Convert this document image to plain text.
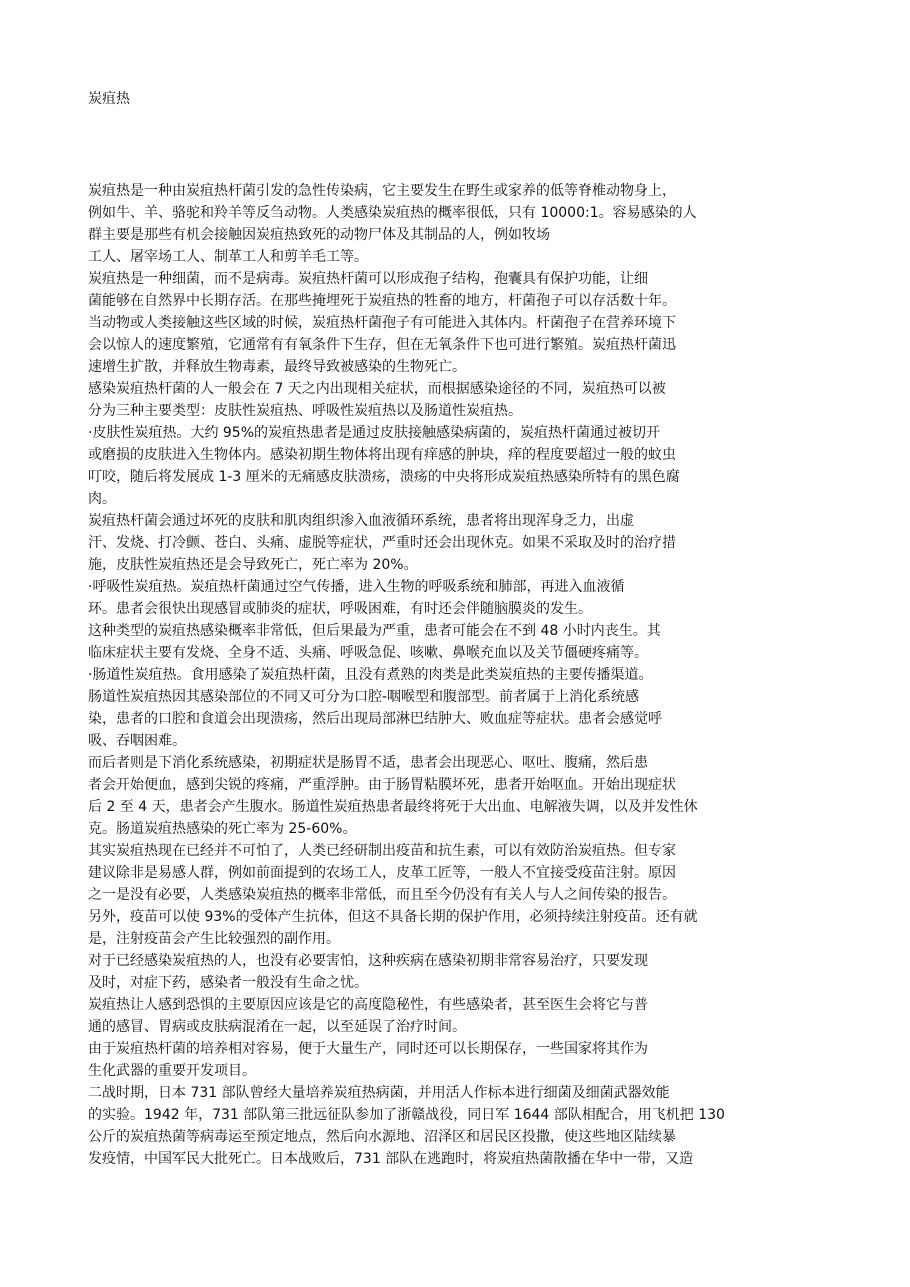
炭疽热
炭疽热是一种由炭疽热杆菌引发的急性传染病，它主要发生在野生或家养的低等脊椎动物身上，
例如牛、羊、骆驼和羚羊等反刍动物。人类感染炭疽热的概率很低，只有 10000:1。容易感染的人
群主要是那些有机会接触因炭疽热致死的动物尸体及其制品的人，例如牧场
工人、屠宰场工人、制革工人和剪羊毛工等。
炭疽热是一种细菌，而不是病毒。炭疽热杆菌可以形成孢子结构，孢囊具有保护功能，让细
菌能够在自然界中长期存活。在那些掩埋死于炭疽热的牲畜的地方，杆菌孢子可以存活数十年。
当动物或人类接触这些区域的时候，炭疽热杆菌孢子有可能进入其体内。杆菌孢子在营养环境下
会以惊人的速度繁殖，它通常有有氧条件下生存，但在无氧条件下也可进行繁殖。炭疽热杆菌迅
速增生扩散，并释放生物毒素，最终导致被感染的生物死亡。
感染炭疽热杆菌的人一般会在 7 天之内出现相关症状，而根据感染途径的不同，炭疽热可以被
分为三种主要类型：皮肤性炭疽热、呼吸性炭疽热以及肠道性炭疽热。
·皮肤性炭疽热。大约 95%的炭疽热患者是通过皮肤接触感染病菌的，炭疽热杆菌通过被切开
或磨损的皮肤进入生物体内。感染初期生物体将出现有痒感的肿块，痒的程度要超过一般的蚊虫
叮咬，随后将发展成 1-3 厘米的无痛感皮肤溃疡，溃疡的中央将形成炭疽热感染所特有的黑色腐
肉。
炭疽热杆菌会通过坏死的皮肤和肌肉组织渗入血液循环系统，患者将出现浑身乏力，出虚
汗、发烧、打冷颤、苍白、头痛、虚脱等症状，严重时还会出现休克。如果不采取及时的治疗措
施，皮肤性炭疽热还是会导致死亡，死亡率为 20%。
·呼吸性炭疽热。炭疽热杆菌通过空气传播，进入生物的呼吸系统和肺部，再进入血液循
环。患者会很快出现感冒或肺炎的症状，呼吸困难，有时还会伴随脑膜炎的发生。
这种类型的炭疽热感染概率非常低，但后果最为严重，患者可能会在不到 48 小时内丧生。其
临床症状主要有发烧、全身不适、头痛、呼吸急促、咳嗽、鼻喉充血以及关节僵硬疼痛等。
·肠道性炭疽热。食用感染了炭疽热杆菌，且没有煮熟的肉类是此类炭疽热的主要传播渠道。
肠道性炭疽热因其感染部位的不同又可分为口腔-咽喉型和腹部型。前者属于上消化系统感
染，患者的口腔和食道会出现溃疡，然后出现局部淋巴结肿大、败血症等症状。患者会感觉呼
吸、吞咽困难。
而后者则是下消化系统感染，初期症状是肠胃不适，患者会出现恶心、呕吐、腹痛，然后患
者会开始便血，感到尖锐的疼痛，严重浮肿。由于肠胃粘膜坏死，患者开始呕血。开始出现症状
后 2 至 4 天，患者会产生腹水。肠道性炭疽热患者最终将死于大出血、电解液失调，以及并发性休
克。肠道炭疽热感染的死亡率为 25-60%。
其实炭疽热现在已经并不可怕了，人类已经研制出疫苗和抗生素，可以有效防治炭疽热。但专家
建议除非是易感人群，例如前面提到的农场工人，皮革工匠等，一般人不宜接受疫苗注射。原因
之一是没有必要，人类感染炭疽热的概率非常低，而且至今仍没有有关人与人之间传染的报告。
另外，疫苗可以使 93%的受体产生抗体，但这不具备长期的保护作用，必须持续注射疫苗。还有就
是，注射疫苗会产生比较强烈的副作用。
对于已经感染炭疽热的人，也没有必要害怕，这种疾病在感染初期非常容易治疗，只要发现
及时，对症下药，感染者一般没有生命之忧。
炭疽热让人感到恐惧的主要原因应该是它的高度隐秘性，有些感染者，甚至医生会将它与普
通的感冒、胃病或皮肤病混淆在一起，以至延误了治疗时间。
由于炭疽热杆菌的培养相对容易，便于大量生产，同时还可以长期保存，一些国家将其作为
生化武器的重要开发项目。
二战时期，日本 731 部队曾经大量培养炭疽热病菌，并用活人作标本进行细菌及细菌武器效能
的实验。1942 年，731 部队第三批远征队参加了浙赣战役，同日军 1644 部队相配合，用飞机把 130
公斤的炭疽热菌等病毒运至预定地点，然后向水源地、沼泽区和居民区投撒，使这些地区陆续暴
发疫情，中国军民大批死亡。日本战败后，731 部队在逃跑时，将炭疽热菌散播在华中一带，又造
